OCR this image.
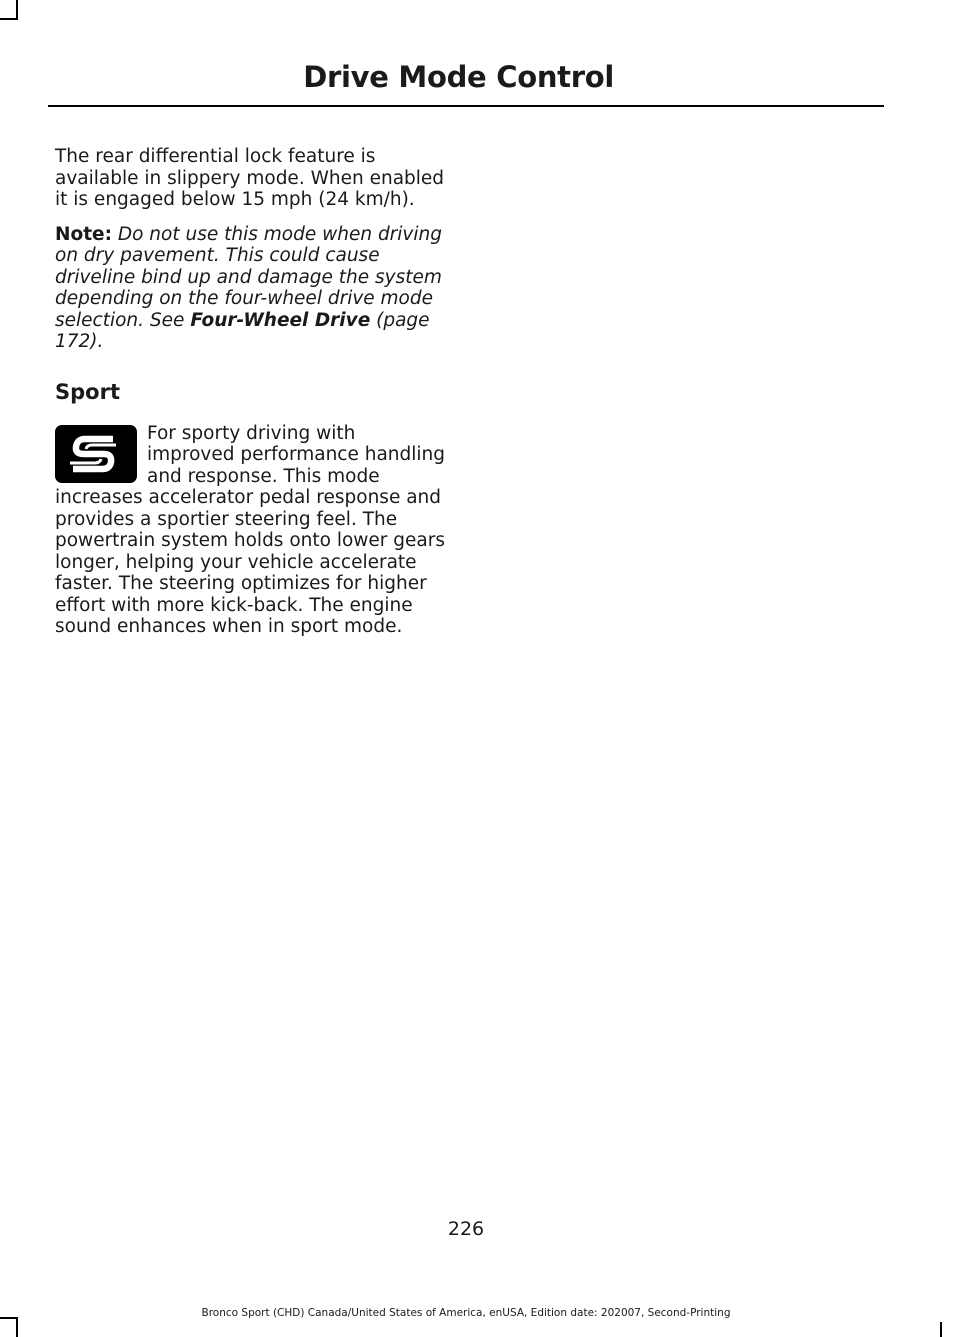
Drive Mode Control

The rear differential lock feature is available in slippery mode. When enabled it is engaged below 15 mph (24 km/h).

Note: Do not use this mode when driving on dry pavement. This could cause driveline bind up and damage the system depending on the four-wheel drive mode selection. See Four-Wheel Drive (page 172).

Sport

For sporty driving with improved performance handling and response. This mode increases accelerator pedal response and provides a sportier steering feel. The powertrain system holds onto lower gears longer, helping your vehicle accelerate faster. The steering optimizes for higher effort with more kick-back. The engine sound enhances when in sport mode.

226
Bronco Sport (CHD) Canada/United States of America, enUSA, Edition date: 202007, Second-Printing
